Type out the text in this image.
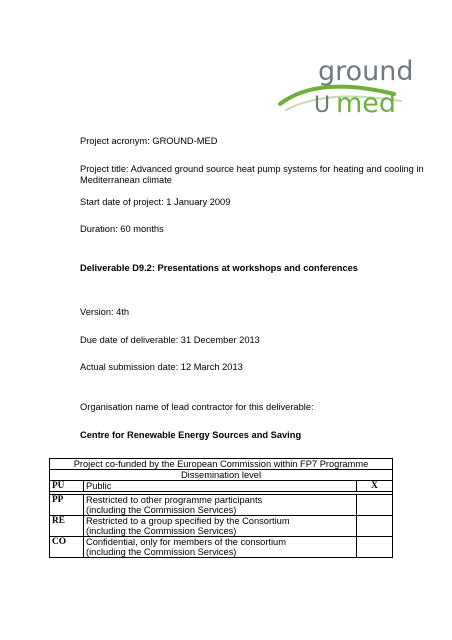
ground
U med
Project acronym: GROUND-MED
Project title: Advanced ground source heat pump systems for heating and cooling in
Mediterranean climate
Start date of project: 1 January 2009
Duration: 60 months
Deliverable D9.2: Presentations at workshops and conferences
Version: 4th
Due date of deliverable: 31 December 2013
Actual submission date: 12 March 2013
Organisation name of lead contractor for this deliverable:
Centre for Renewable Energy Sources and Saving
Project co-funded by the European Commission within FP7 Programme		
Dissemination level		
PU	Public	X

PP	Restricted to other programme participants
(including the Commission Services)	

RE	Restricted to a group specified by the Consortium
(including the Commission Services)	

CO	Confidential, only for members of the consortium
(including the Commission Services)	
